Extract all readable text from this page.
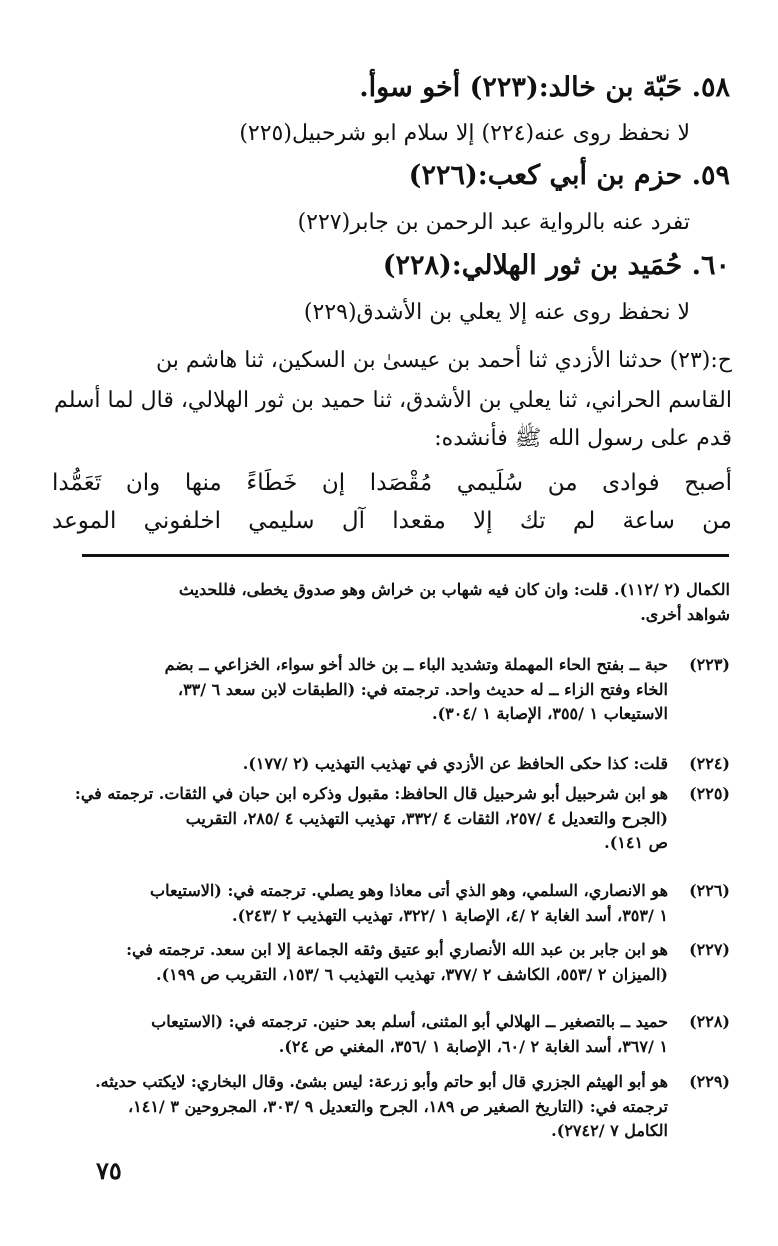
٥٨. حَبّة بن خالد:(٢٢٣) أخو سوأ.
لا نحفظ روى عنه(٢٢٤) إلا سلام ابو شرحبيل(٢٢٥)
٥٩. حزم بن أبي كعب:(٢٢٦)
تفرد عنه بالرواية عبد الرحمن بن جابر(٢٢٧)
٦٠. حُمَيد بن ثور الهلالي:(٢٢٨)
لا نحفظ روى عنه إلا يعلي بن الأشدق(٢٢٩)
ح:(٢٣) حدثنا الأزدي ثنا أحمد بن عيسىٰ بن السكين، ثنا هاشم بن
القاسم الحراني، ثنا يعلي بن الأشدق، ثنا حميد بن ثور الهلالي، قال لما أسلم
قدم على رسول الله ﷺ فأنشده:
أصبح فوادى من سُلَيمي مُقْصَدا إن خَطَاءً منها وان تَعَمُّدا
من ساعة لم تك إلا مقعدا آل سليمي اخلفوني الموعد
الكمال (٢ /١١٢). قلت: وان كان فيه شهاب بن خراش وهو صدوق يخطى، فللحديث
شواهد أخرى.
(٢٢٣)
حبة ــ بفتح الحاء المهملة وتشديد الباء ــ بن خالد أخو سواء، الخزاعي ــ بضم
الخاء وفتح الزاء ــ له حديث واحد. ترجمته في: (الطبقات لابن سعد ٦ /٣٣،
الاستيعاب ١ /٣٥٥، الإصابة ١ /٣٠٤).
(٢٢٤)
قلت: كذا حكى الحافظ عن الأزدي في تهذيب التهذيب (٢ /١٧٧).
(٢٢٥)
هو ابن شرحبيل أبو شرحبيل قال الحافظ: مقبول وذكره ابن حبان في الثقات. ترجمته في:
(الجرح والتعديل ٤ /٢٥٧، الثقات ٤ /٣٣٢، تهذيب التهذيب ٤ /٢٨٥، التقريب
ص ١٤١).
(٢٢٦)
هو الانصاري، السلمي، وهو الذي أتى معاذا وهو يصلي. ترجمته في: (الاستيعاب
١ /٣٥٣، أسد الغابة ٢ /٤، الإصابة ١ /٣٢٢، تهذيب التهذيب ٢ /٢٤٣).
(٢٢٧)
هو ابن جابر بن عبد الله الأنصاري أبو عتيق وثقه الجماعة إلا ابن سعد. ترجمته في:
(الميزان ٢ /٥٥٣، الكاشف ٢ /٣٧٧، تهذيب التهذيب ٦ /١٥٣، التقريب ص ١٩٩).
(٢٢٨)
حميد ــ بالتصغير ــ الهلالي أبو المثنى، أسلم بعد حنين. ترجمته في: (الاستيعاب
١ /٣٦٧، أسد الغابة ٢ /٦٠، الإصابة ١ /٣٥٦، المغني ص ٢٤).
(٢٢٩)
هو أبو الهيثم الجزري قال أبو حاتم وأبو زرعة: ليس بشئ. وقال البخاري: لايكتب حديثه.
ترجمته في: (التاريخ الصغير ص ١٨٩، الجرح والتعديل ٩ /٣٠٣، المجروحين ٣ /١٤١،
الكامل ٧ /٢٧٤٢).
٧٥
